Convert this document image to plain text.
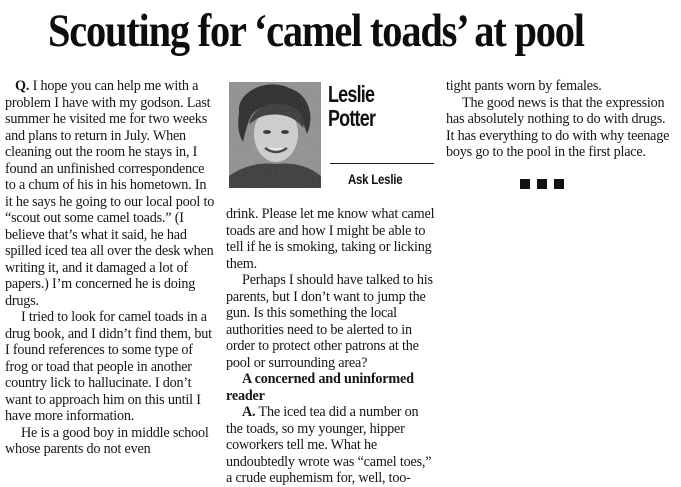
Scouting for ‘camel toads’ at pool

Q. I hope you can help me with a problem I have with my godson. Last summer he visited me for two weeks and plans to return in July. When cleaning out the room he stays in, I found an unfinished correspondence to a chum of his in his hometown. In it he says he going to our local pool to “scout out some camel toads.” (I believe that’s what it said, he had spilled iced tea all over the desk when writing it, and it damaged a lot of papers.) I’m concerned he is doing drugs.

I tried to look for camel toads in a drug book, and I didn’t find them, but I found references to some type of frog or toad that people in another country lick to hallucinate. I don’t want to approach him on this until I have more information.

He is a good boy in middle school whose parents do not even

Leslie
Potter
Ask Leslie

drink. Please let me know what camel toads are and how I might be able to tell if he is smoking, taking or licking them.

Perhaps I should have talked to his parents, but I don’t want to jump the gun. Is this something the local authorities need to be alerted to in order to protect other patrons at the pool or surrounding area?

A concerned and uninformed reader

A. The iced tea did a number on the toads, so my younger, hipper coworkers tell me. What he undoubtedly wrote was “camel toes,” a crude euphemism for, well, too-

tight pants worn by females.

The good news is that the expression has absolutely nothing to do with drugs. It has everything to do with why teenage boys go to the pool in the first place.
